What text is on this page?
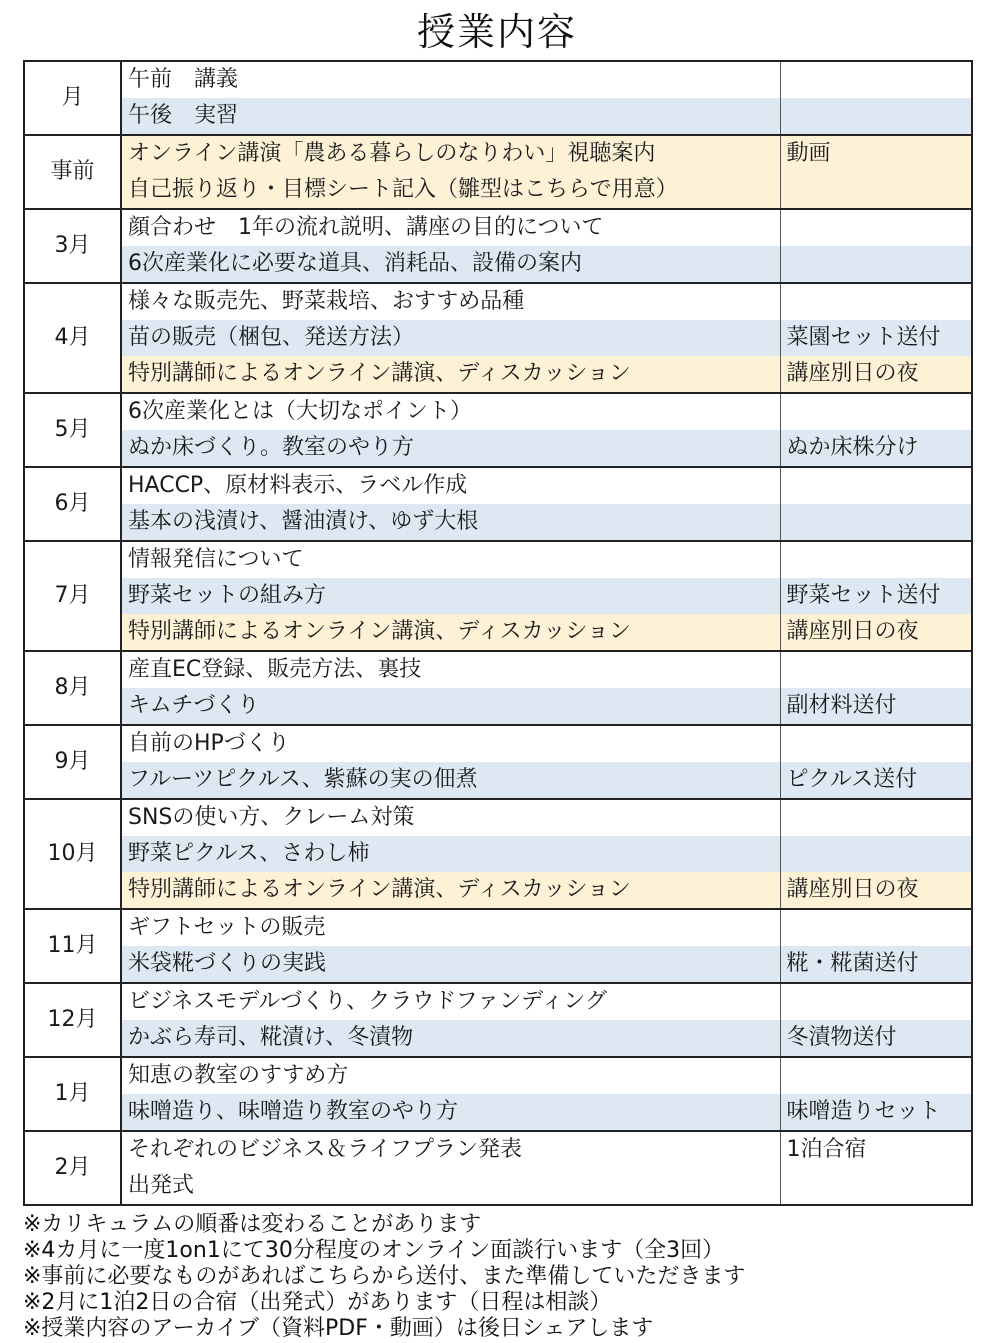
授業内容
月	午前　講義	
	午後　実習	
事前	オンライン講演「農ある暮らしのなりわい」視聴案内	動画
	自己振り返り・目標シート記入（雛型はこちらで用意）	
3月	顔合わせ　1年の流れ説明、講座の目的について	
	6次産業化に必要な道具、消耗品、設備の案内	
4月	様々な販売先、野菜栽培、おすすめ品種	
	苗の販売（梱包、発送方法）	菜園セット送付
	特別講師によるオンライン講演、ディスカッション	講座別日の夜
5月	6次産業化とは（大切なポイント）	
	ぬか床づくり。教室のやり方	ぬか床株分け
6月	HACCP、原材料表示、ラベル作成	
	基本の浅漬け、醤油漬け、ゆず大根	
7月	情報発信について	
	野菜セットの組み方	野菜セット送付
	特別講師によるオンライン講演、ディスカッション	講座別日の夜
8月	産直EC登録、販売方法、裏技	
	キムチづくり	副材料送付
9月	自前のHPづくり	
	フルーツピクルス、紫蘇の実の佃煮	ピクルス送付
10月	SNSの使い方、クレーム対策	
	野菜ピクルス、さわし柿	
	特別講師によるオンライン講演、ディスカッション	講座別日の夜
11月	ギフトセットの販売	
	米袋糀づくりの実践	糀・糀菌送付
12月	ビジネスモデルづくり、クラウドファンディング	
	かぶら寿司、糀漬け、冬漬物	冬漬物送付
1月	知恵の教室のすすめ方	
	味噌造り、味噌造り教室のやり方	味噌造りセット
2月	それぞれのビジネス＆ライフプラン発表	1泊合宿
	出発式	
※カリキュラムの順番は変わることがあります
※4カ月に一度1on1にて30分程度のオンライン面談行います（全3回）
※事前に必要なものがあればこちらから送付、また準備していただきます
※2月に1泊2日の合宿（出発式）があります（日程は相談）
※授業内容のアーカイブ（資料PDF・動画）は後日シェアします
